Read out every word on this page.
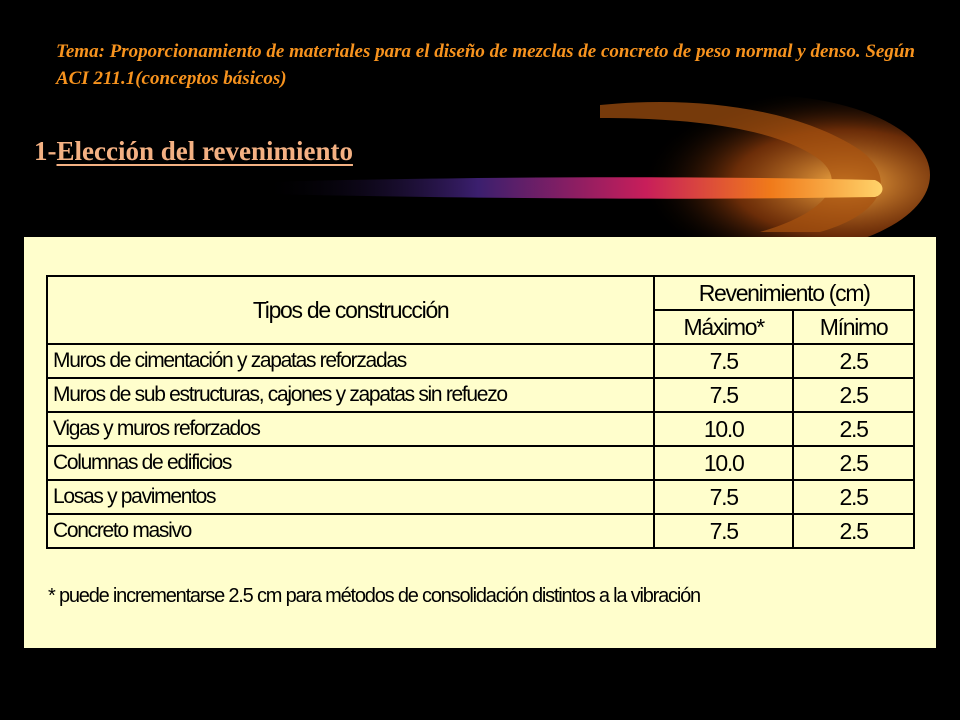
Tema: Proporcionamiento de materiales para el diseño de mezclas de concreto de peso normal y denso. Según ACI 211.1(conceptos básicos)
1-Elección del revenimiento
Tipos de construcción	Revenimiento (cm)	
	Máximo*	Mínimo
Muros de cimentación y zapatas reforzadas	7.5	2.5
Muros de sub estructuras, cajones y zapatas sin refuezo	7.5	2.5
Vigas y muros reforzados	10.0	2.5
Columnas de edificios	10.0	2.5
Losas y pavimentos	7.5	2.5
Concreto masivo	7.5	2.5
* puede incrementarse 2.5 cm para métodos de consolidación distintos a la vibración
